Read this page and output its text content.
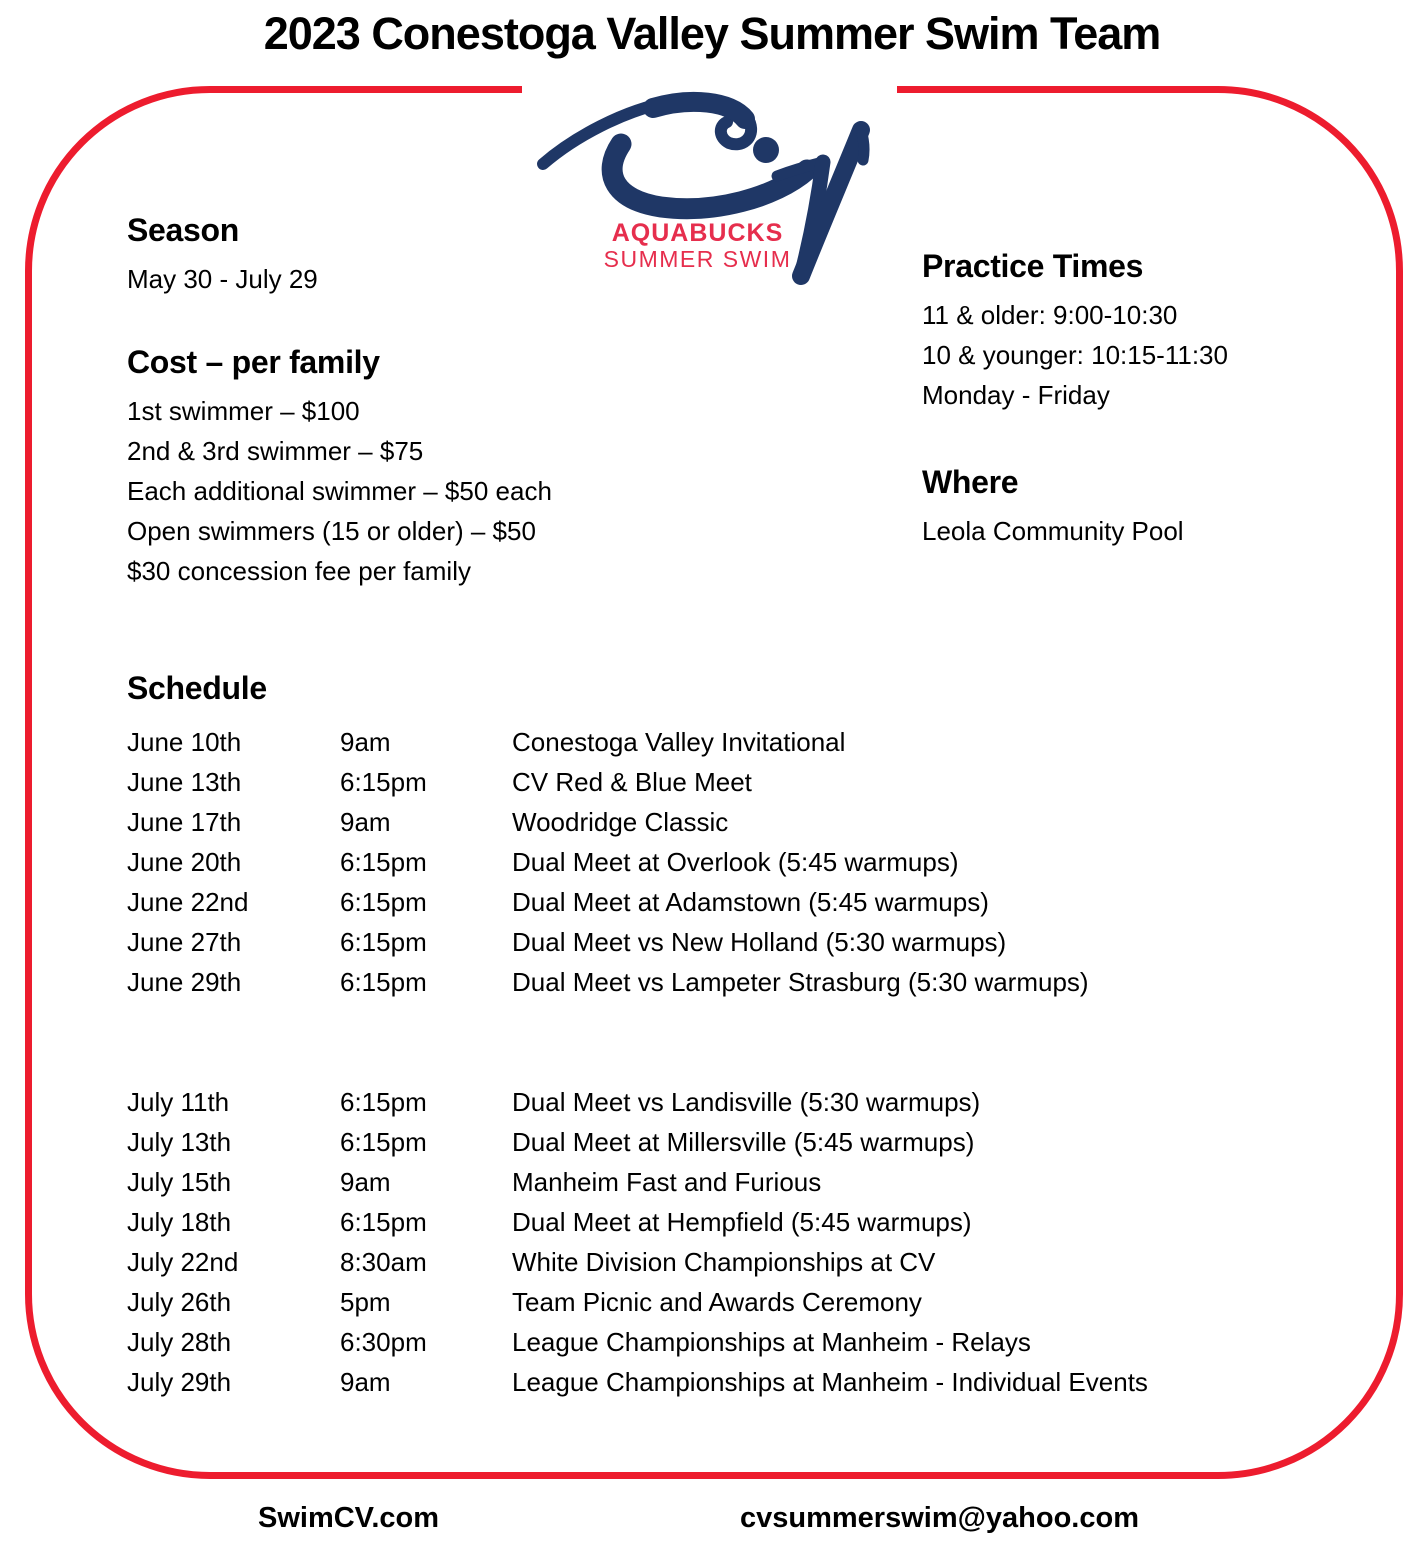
2023 Conestoga Valley Summer Swim Team
AQUABUCKS
SUMMER SWIM
Season
May 30 - July 29
Cost – per family
1st swimmer – $100
2nd & 3rd swimmer – $75
Each additional swimmer – $50 each
Open swimmers (15 or older) – $50
$30 concession fee per family
Practice Times
11 & older: 9:00-10:30
10 & younger: 10:15-11:30
Monday - Friday
Where
Leola Community Pool
Schedule
June 10th	9am	Conestoga Valley Invitational
June 13th	6:15pm	CV Red & Blue Meet
June 17th	9am	Woodridge Classic
June 20th	6:15pm	Dual Meet at Overlook (5:45 warmups)
June 22nd	6:15pm	Dual Meet at Adamstown (5:45 warmups)
June 27th	6:15pm	Dual Meet vs New Holland (5:30 warmups)
June 29th	6:15pm	Dual Meet vs Lampeter Strasburg (5:30 warmups)
July 11th	6:15pm	Dual Meet vs Landisville (5:30 warmups)
July 13th	6:15pm	Dual Meet at Millersville (5:45 warmups)
July 15th	9am	Manheim Fast and Furious
July 18th	6:15pm	Dual Meet at Hempfield (5:45 warmups)
July 22nd	8:30am	White Division Championships at CV
July 26th	5pm	Team Picnic and Awards Ceremony
July 28th	6:30pm	League Championships at Manheim - Relays
July 29th	9am	League Championships at Manheim - Individual Events
SwimCV.com	cvsummerswim@yahoo.com
